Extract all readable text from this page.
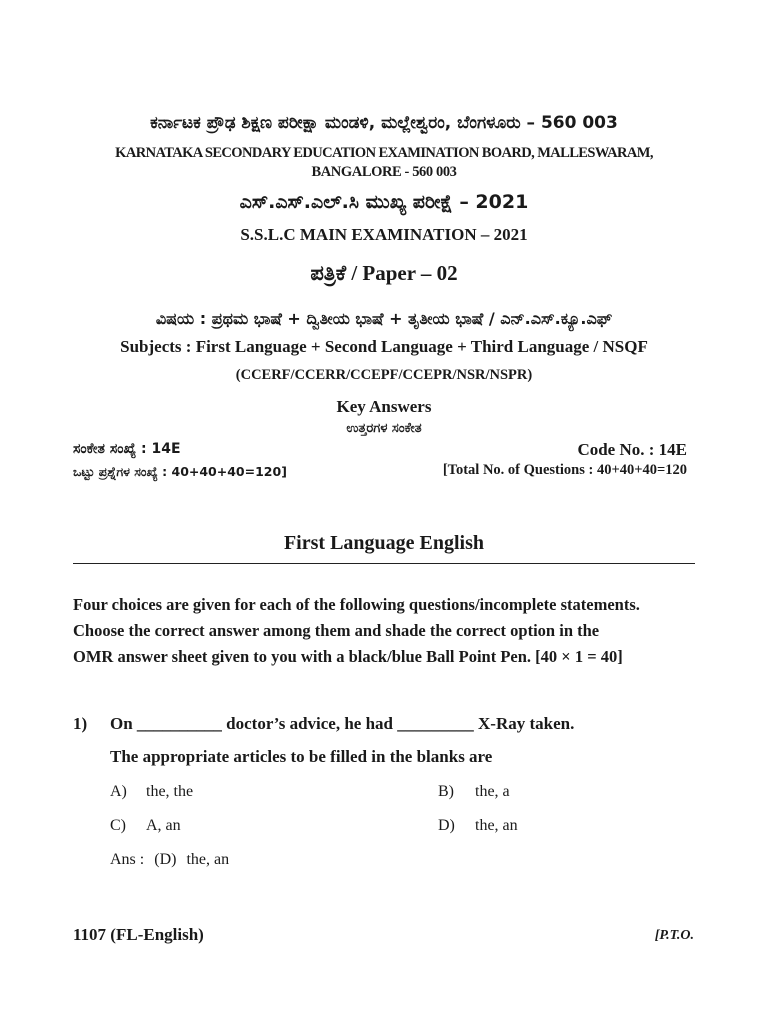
ಕರ್ನಾಟಕ ಪ್ರೌಢ ಶಿಕ್ಷಣ ಪರೀಕ್ಷಾ ಮಂಡಳಿ, ಮಲ್ಲೇಶ್ವರಂ, ಬೆಂಗಳೂರು – 560 003
KARNATAKA SECONDARY EDUCATION EXAMINATION BOARD, MALLESWARAM,
BANGALORE - 560 003
ಎಸ್.ಎಸ್.ಎಲ್.ಸಿ ಮುಖ್ಯ ಪರೀಕ್ಷೆ – 2021
S.S.L.C MAIN EXAMINATION – 2021
ಪತ್ರಿಕೆ / Paper – 02
ವಿಷಯ : ಪ್ರಥಮ ಭಾಷೆ + ದ್ವಿತೀಯ ಭಾಷೆ + ತೃತೀಯ ಭಾಷೆ / ಎನ್.ಎಸ್.ಕ್ಯೂ.ಎಫ್
Subjects : First Language + Second Language + Third Language / NSQF
(CCERF/CCERR/CCEPF/CCEPR/NSR/NSPR)
Key Answers
ಉತ್ತರಗಳ ಸಂಕೇತ
ಸಂಕೇತ ಸಂಖ್ಯೆ : 14E	Code No. : 14E
ಒಟ್ಟು ಪ್ರಶ್ನೆಗಳ ಸಂಖ್ಯೆ : 40+40+40=120]	[Total No. of Questions : 40+40+40=120
First Language English
Four choices are given for each of the following questions/incomplete statements.
Choose the correct answer among them and shade the correct option in the
OMR answer sheet given to you with a black/blue Ball Point Pen. [40 × 1 = 40]
1) On __________ doctor’s advice, he had _________ X-Ray taken.
The appropriate articles to be filled in the blanks are
A) the, the	B) the, a
C) A, an	D) the, an
Ans : (D) the, an
1107 (FL-English)	[P.T.O.
